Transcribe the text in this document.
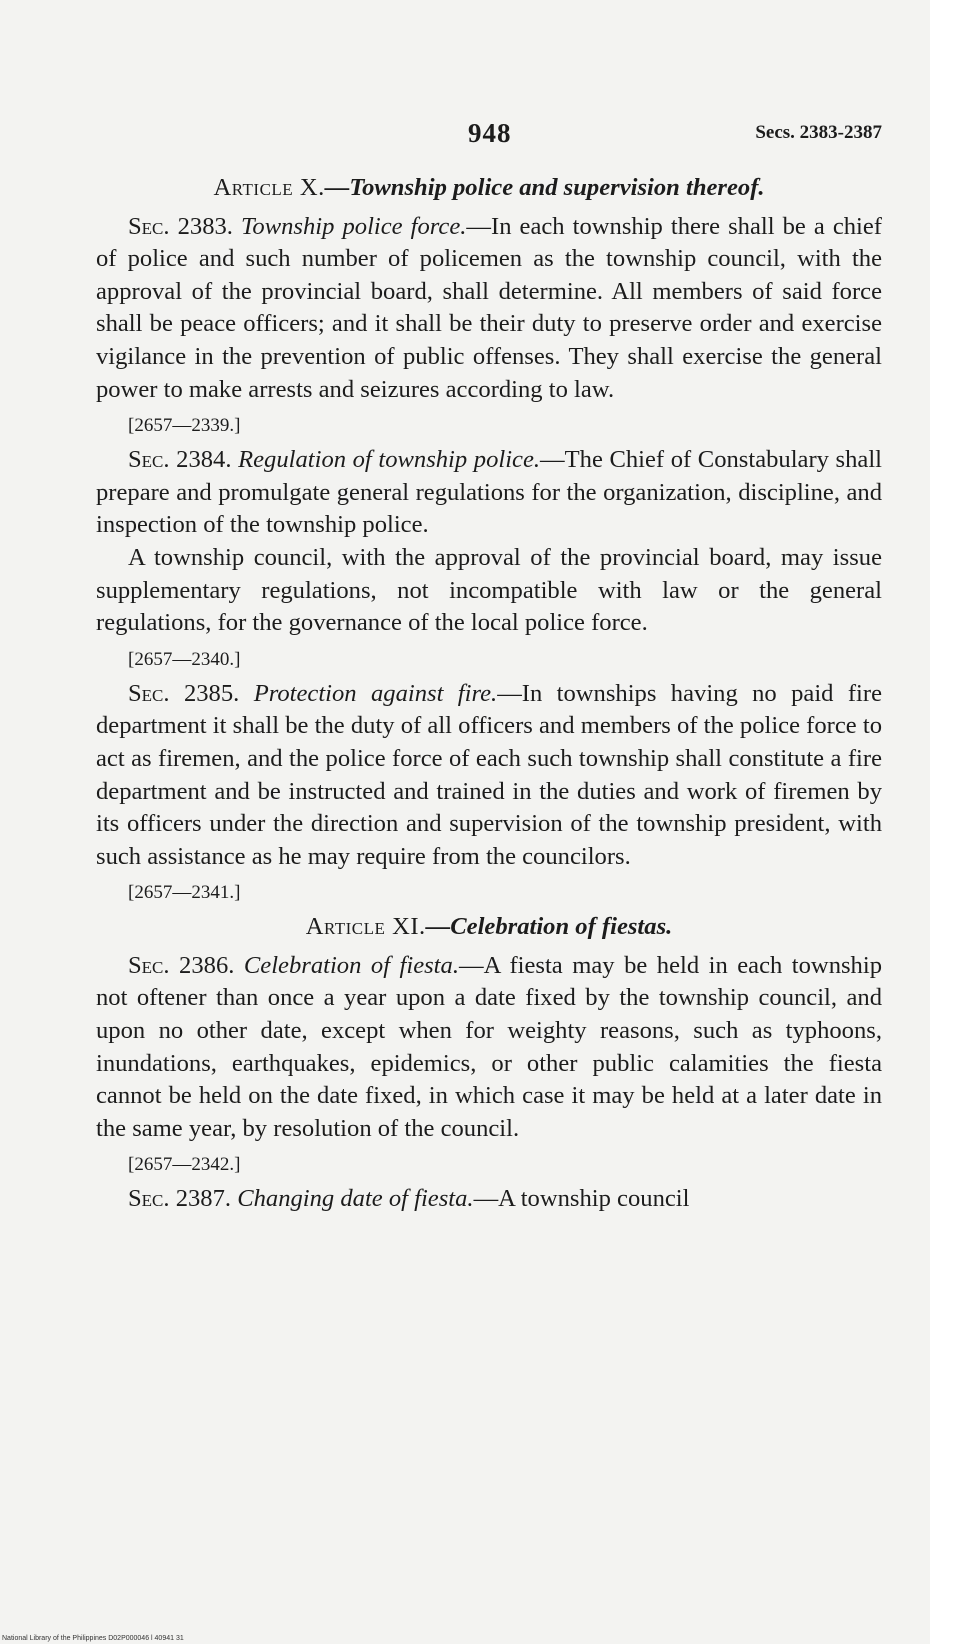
948	Secs. 2383-2387

Article X.—Township police and supervision thereof.

Sec. 2383. Township police force.—In each township there shall be a chief of police and such number of policemen as the township council, with the approval of the provincial board, shall determine. All members of said force shall be peace officers; and it shall be their duty to preserve order and exercise vigilance in the prevention of public offenses. They shall exercise the general power to make arrests and seizures according to law.

[2657—2339.]

Sec. 2384. Regulation of township police.—The Chief of Constabulary shall prepare and promulgate general regulations for the organization, discipline, and inspection of the township police.

A township council, with the approval of the provincial board, may issue supplementary regulations, not incompatible with law or the general regulations, for the governance of the local police force.

[2657—2340.]

Sec. 2385. Protection against fire.—In townships having no paid fire department it shall be the duty of all officers and members of the police force to act as firemen, and the police force of each such township shall constitute a fire department and be instructed and trained in the duties and work of firemen by its officers under the direction and supervision of the township president, with such assistance as he may require from the councilors.

[2657—2341.]

Article XI.—Celebration of fiestas.

Sec. 2386. Celebration of fiesta.—A fiesta may be held in each township not oftener than once a year upon a date fixed by the township council, and upon no other date, except when for weighty reasons, such as typhoons, inundations, earthquakes, epidemics, or other public calamities the fiesta cannot be held on the date fixed, in which case it may be held at a later date in the same year, by resolution of the council.

[2657—2342.]

Sec. 2387. Changing date of fiesta.—A township council

National Library of the Philippines D02P000046 l 40941 31
